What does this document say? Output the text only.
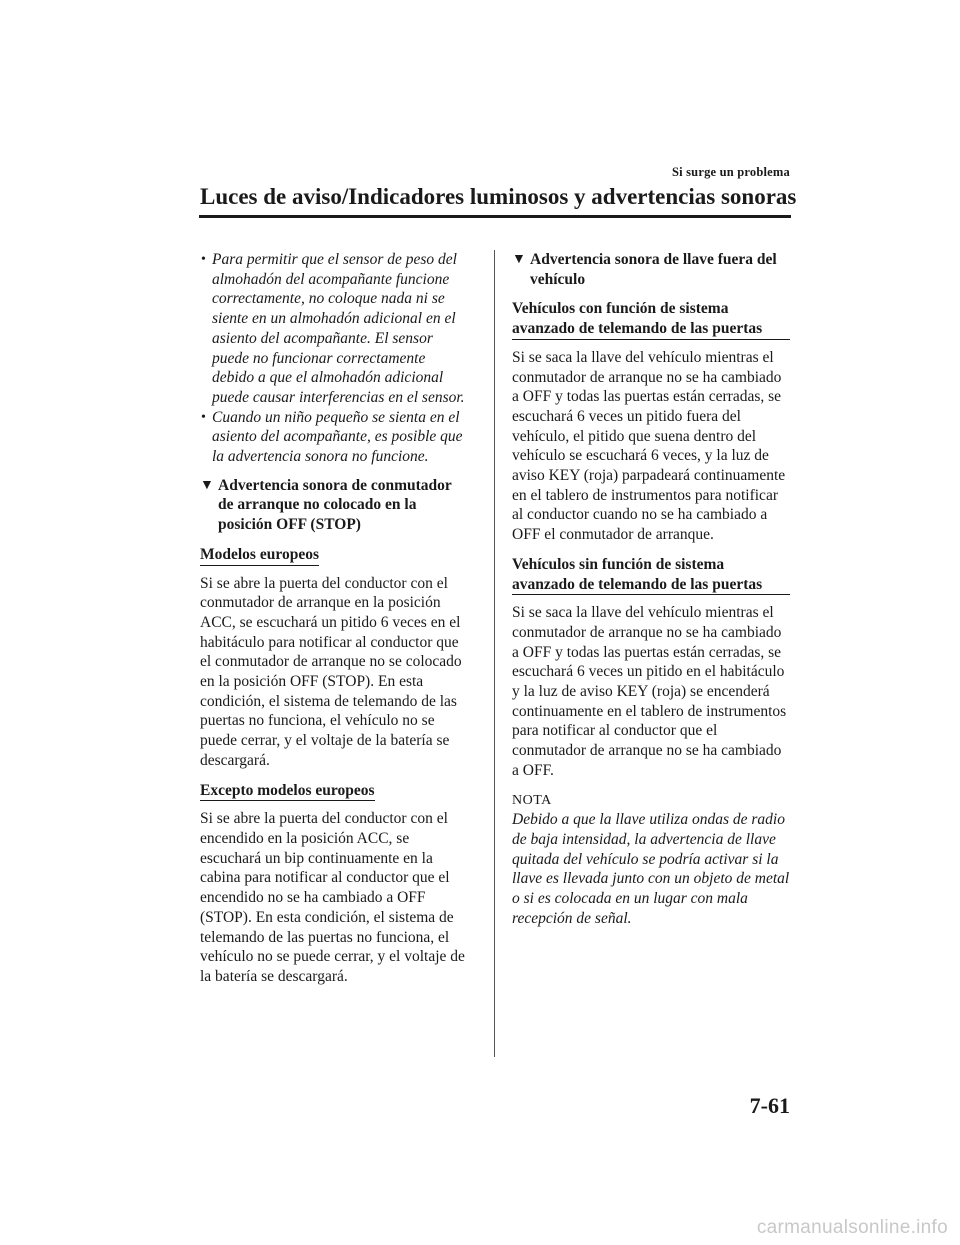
Si surge un problema
Luces de aviso/Indicadores luminosos y advertencias sonoras
• Para permitir que el sensor de peso del almohadón del acompañante funcione correctamente, no coloque nada ni se siente en un almohadón adicional en el asiento del acompañante. El sensor puede no funcionar correctamente debido a que el almohadón adicional puede causar interferencias en el sensor.
• Cuando un niño pequeño se sienta en el asiento del acompañante, es posible que la advertencia sonora no funcione.
▼ Advertencia sonora de conmutador de arranque no colocado en la posición OFF (STOP)
Modelos europeos
Si se abre la puerta del conductor con el conmutador de arranque en la posición ACC, se escuchará un pitido 6 veces en el habitáculo para notificar al conductor que el conmutador de arranque no se colocado en la posición OFF (STOP). En esta condición, el sistema de telemando de las puertas no funciona, el vehículo no se puede cerrar, y el voltaje de la batería se descargará.
Excepto modelos europeos
Si se abre la puerta del conductor con el encendido en la posición ACC, se escuchará un bip continuamente en la cabina para notificar al conductor que el encendido no se ha cambiado a OFF (STOP). En esta condición, el sistema de telemando de las puertas no funciona, el vehículo no se puede cerrar, y el voltaje de la batería se descargará.
▼ Advertencia sonora de llave fuera del vehículo
Vehículos con función de sistema avanzado de telemando de las puertas
Si se saca la llave del vehículo mientras el conmutador de arranque no se ha cambiado a OFF y todas las puertas están cerradas, se escuchará 6 veces un pitido fuera del vehículo, el pitido que suena dentro del vehículo se escuchará 6 veces, y la luz de aviso KEY (roja) parpadeará continuamente en el tablero de instrumentos para notificar al conductor cuando no se ha cambiado a OFF el conmutador de arranque.
Vehículos sin función de sistema avanzado de telemando de las puertas
Si se saca la llave del vehículo mientras el conmutador de arranque no se ha cambiado a OFF y todas las puertas están cerradas, se escuchará 6 veces un pitido en el habitáculo y la luz de aviso KEY (roja) se encenderá continuamente en el tablero de instrumentos para notificar al conductor que el conmutador de arranque no se ha cambiado a OFF.
NOTA
Debido a que la llave utiliza ondas de radio de baja intensidad, la advertencia de llave quitada del vehículo se podría activar si la llave es llevada junto con un objeto de metal o si es colocada en un lugar con mala recepción de señal.
7-61
carmanualsonline.info
